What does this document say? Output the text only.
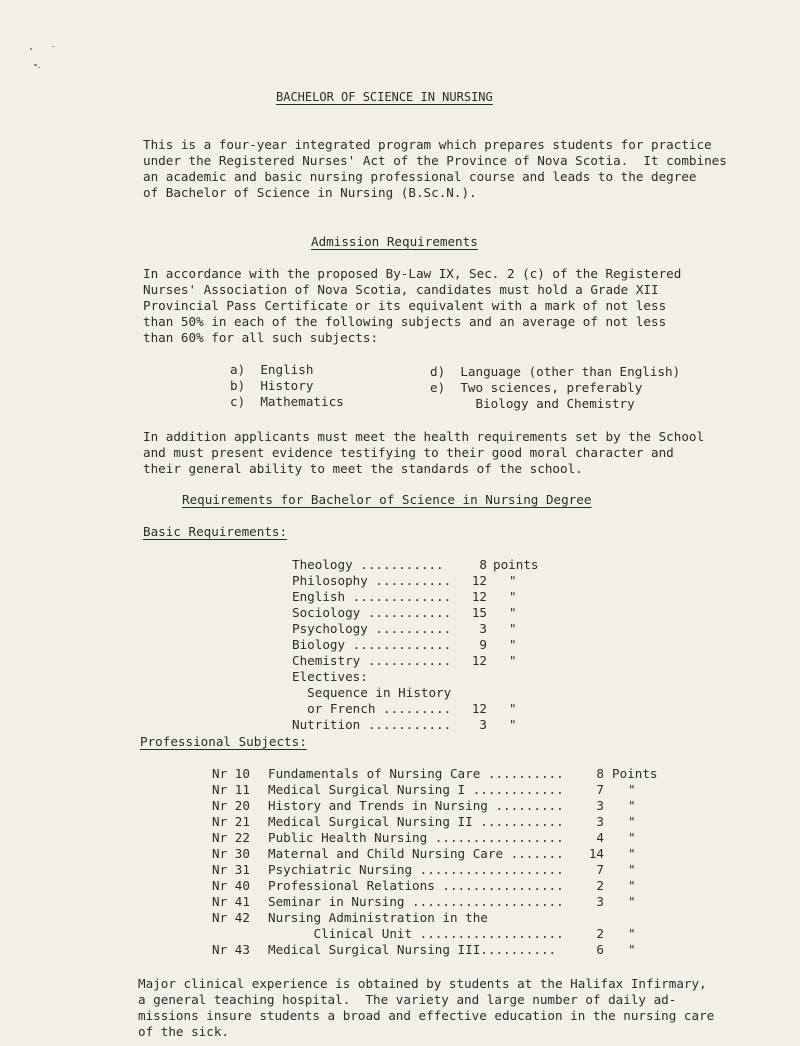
BACHELOR OF SCIENCE IN NURSING
This is a four-year integrated program which prepares students for practice
under the Registered Nurses' Act of the Province of Nova Scotia.  It combines
an academic and basic nursing professional course and leads to the degree
of Bachelor of Science in Nursing (B.Sc.N.).
Admission Requirements
In accordance with the proposed By-Law IX, Sec. 2 (c) of the Registered
Nurses' Association of Nova Scotia, candidates must hold a Grade XII
Provincial Pass Certificate or its equivalent with a mark of not less
than 50% in each of the following subjects and an average of not less
than 60% for all such subjects:
a)  English
b)  History
c)  Mathematics
d)  Language (other than English)
e)  Two sciences, preferably
Biology and Chemistry
In addition applicants must meet the health requirements set by the School
and must present evidence testifying to their good moral character and
their general ability to meet the standards of the school.
Requirements for Bachelor of Science in Nursing Degree
Basic Requirements:
Theology ...........	8 points
Philosophy ..........	12 "
English .............	12 "
Sociology ...........	15 "
Psychology ..........	3 "
Biology .............	9 "
Chemistry ...........	12 "
Electives:
Sequence in History
or French .........	12 "
Nutrition ...........	3 "
Professional Subjects:
Nr 10 Fundamentals of Nursing Care ..........	8 Points
Nr 11 Medical Surgical Nursing I ............	7 "
Nr 20 History and Trends in Nursing .........	3 "
Nr 21 Medical Surgical Nursing II ...........	3 "
Nr 22 Public Health Nursing .................	4 "
Nr 30 Maternal and Child Nursing Care .......	14 "
Nr 31 Psychiatric Nursing ...................	7 "
Nr 40 Professional Relations ................	2 "
Nr 41 Seminar in Nursing ....................	3 "
Nr 42 Nursing Administration in the
Clinical Unit ...................	2 "
Nr 43 Medical Surgical Nursing III..........	6 "
Major clinical experience is obtained by students at the Halifax Infirmary,
a general teaching hospital.  The variety and large number of daily ad-
missions insure students a broad and effective education in the nursing care
of the sick.
